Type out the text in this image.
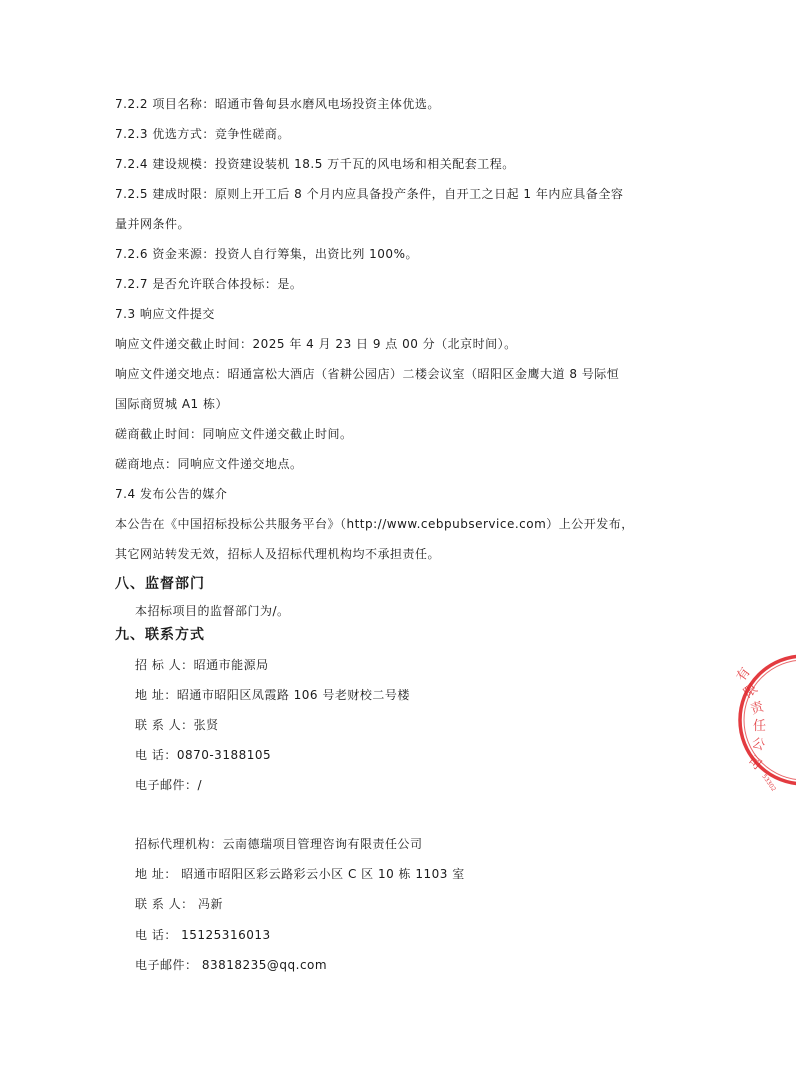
7.2.2 项目名称：昭通市鲁甸县水磨风电场投资主体优选。
7.2.3 优选方式：竞争性磋商。
7.2.4 建设规模：投资建设装机 18.5 万千瓦的风电场和相关配套工程。
7.2.5 建成时限：原则上开工后 8 个月内应具备投产条件，自开工之日起 1 年内应具备全容
量并网条件。
7.2.6 资金来源：投资人自行筹集，出资比列 100%。
7.2.7 是否允许联合体投标：是。
7.3 响应文件提交
响应文件递交截止时间：2025 年 4 月 23 日 9 点 00 分（北京时间）。
响应文件递交地点：昭通富松大酒店（省耕公园店）二楼会议室（昭阳区金鹰大道 8 号际恒
国际商贸城 A1 栋）
磋商截止时间：同响应文件递交截止时间。
磋商地点：同响应文件递交地点。
7.4 发布公告的媒介
本公告在《中国招标投标公共服务平台》（http://www.cebpubservice.com）上公开发布，
其它网站转发无效，招标人及招标代理机构均不承担责任。
八、监督部门
本招标项目的监督部门为/。
九、联系方式
招 标 人：昭通市能源局
地 址：昭通市昭阳区凤霞路 106 号老财校二号楼
联 系 人：张贤
电 话：0870-3188105
电子邮件：/
招标代理机构：云南德瑞项目管理咨询有限责任公司
地 址： 昭通市昭阳区彩云路彩云小区 C 区 10 栋 1103 室
联 系 人： 冯新
电 话： 15125316013
电子邮件： 83818235@qq.com
有
限
责
任
公
司
53302
